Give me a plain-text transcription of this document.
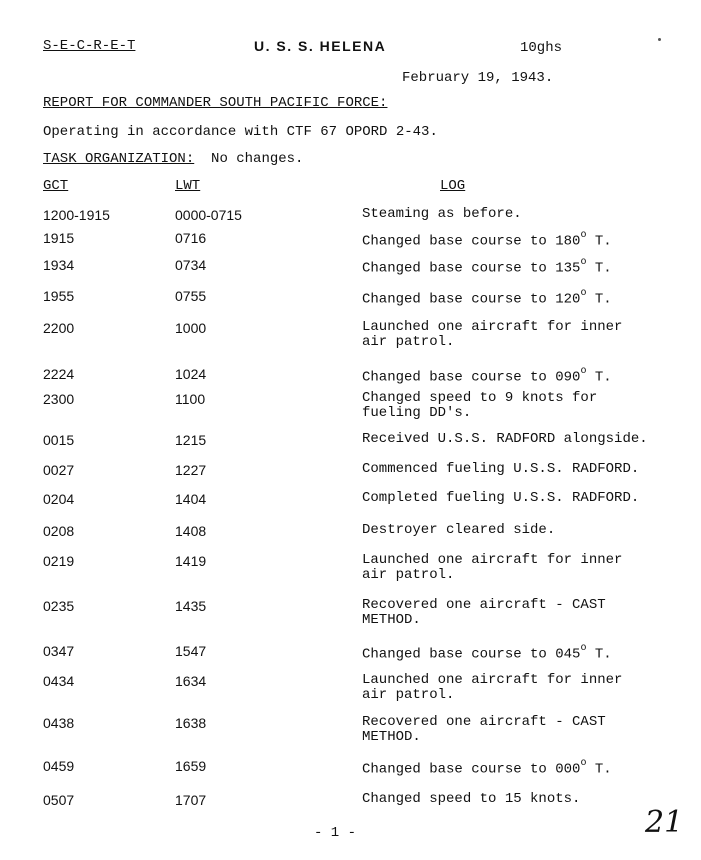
S-E-C-R-E-T	U. S. S. HELENA	10ghs
February 19, 1943.
REPORT FOR COMMANDER SOUTH PACIFIC FORCE:
Operating in accordance with CTF 67 OPORD 2-43.
TASK ORGANIZATION: No changes.
GCT	LWT	LOG
1200-1915	0000-0715	Steaming as before.
1915	0716	Changed base course to 180$^o$ T.
1934	0734	Changed base course to 135$^o$ T.
1955	0755	Changed base course to 120$^o$ T.
2200	1000	Launched one aircraft for inner
air patrol.
2224	1024	Changed base course to 090$^o$ T.
2300	1100	Changed speed to 9 knots for
fueling DD's.
0015	1215	Received U.S.S. RADFORD alongside.
0027	1227	Commenced fueling U.S.S. RADFORD.
0204	1404	Completed fueling U.S.S. RADFORD.
0208	1408	Destroyer cleared side.
0219	1419	Launched one aircraft for inner
air patrol.
0235	1435	Recovered one aircraft - CAST
METHOD.
0347	1547	Changed base course to 045$^o$ T.
0434	1634	Launched one aircraft for inner
air patrol.
0438	1638	Recovered one aircraft - CAST
METHOD.
0459	1659	Changed base course to 000$^o$ T.
0507	1707	Changed speed to 15 knots.
- 1 -	21
